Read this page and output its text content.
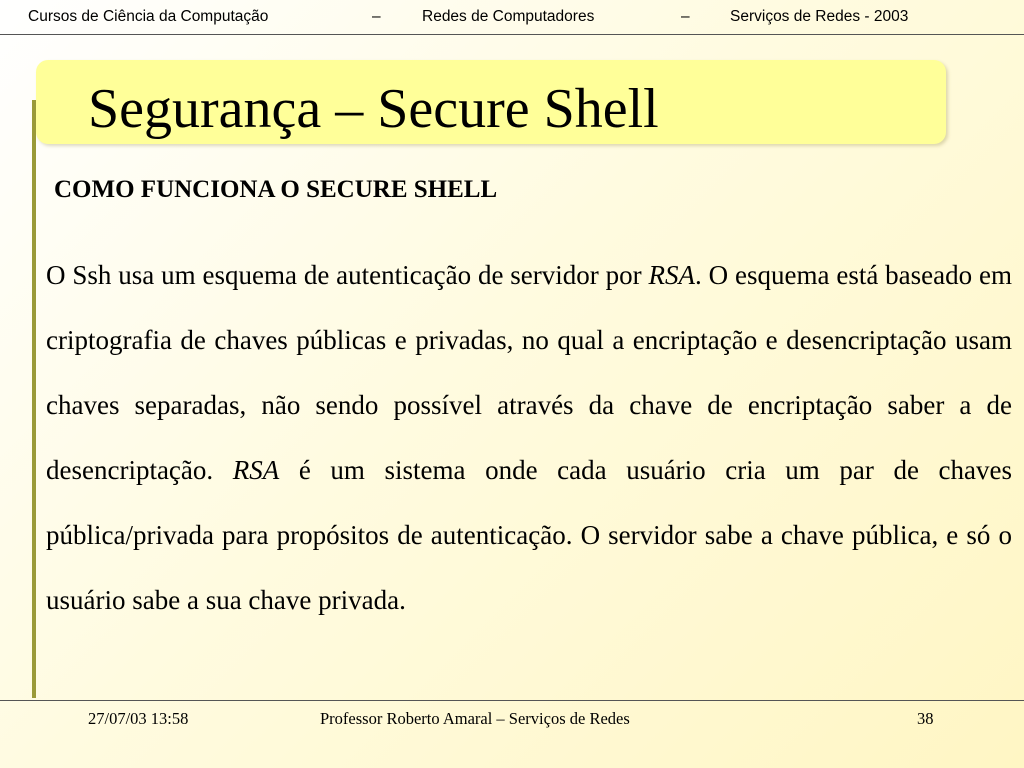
Cursos de Ciência da Computação	–	Redes de Computadores	–	Serviços de Redes - 2003
Segurança – Secure Shell
COMO FUNCIONA O SECURE SHELL
O Ssh usa um esquema de autenticação de servidor por RSA. O esquema está baseado em criptografia de chaves públicas e privadas, no qual a encriptação e desencriptação usam chaves separadas, não sendo possível através da chave de encriptação saber a de desencriptação. RSA é um sistema onde cada usuário cria um par de chaves pública/privada para propósitos de autenticação. O servidor sabe a chave pública, e só o usuário sabe a sua chave privada.
27/07/03 13:58	Professor Roberto Amaral – Serviços de Redes	38
